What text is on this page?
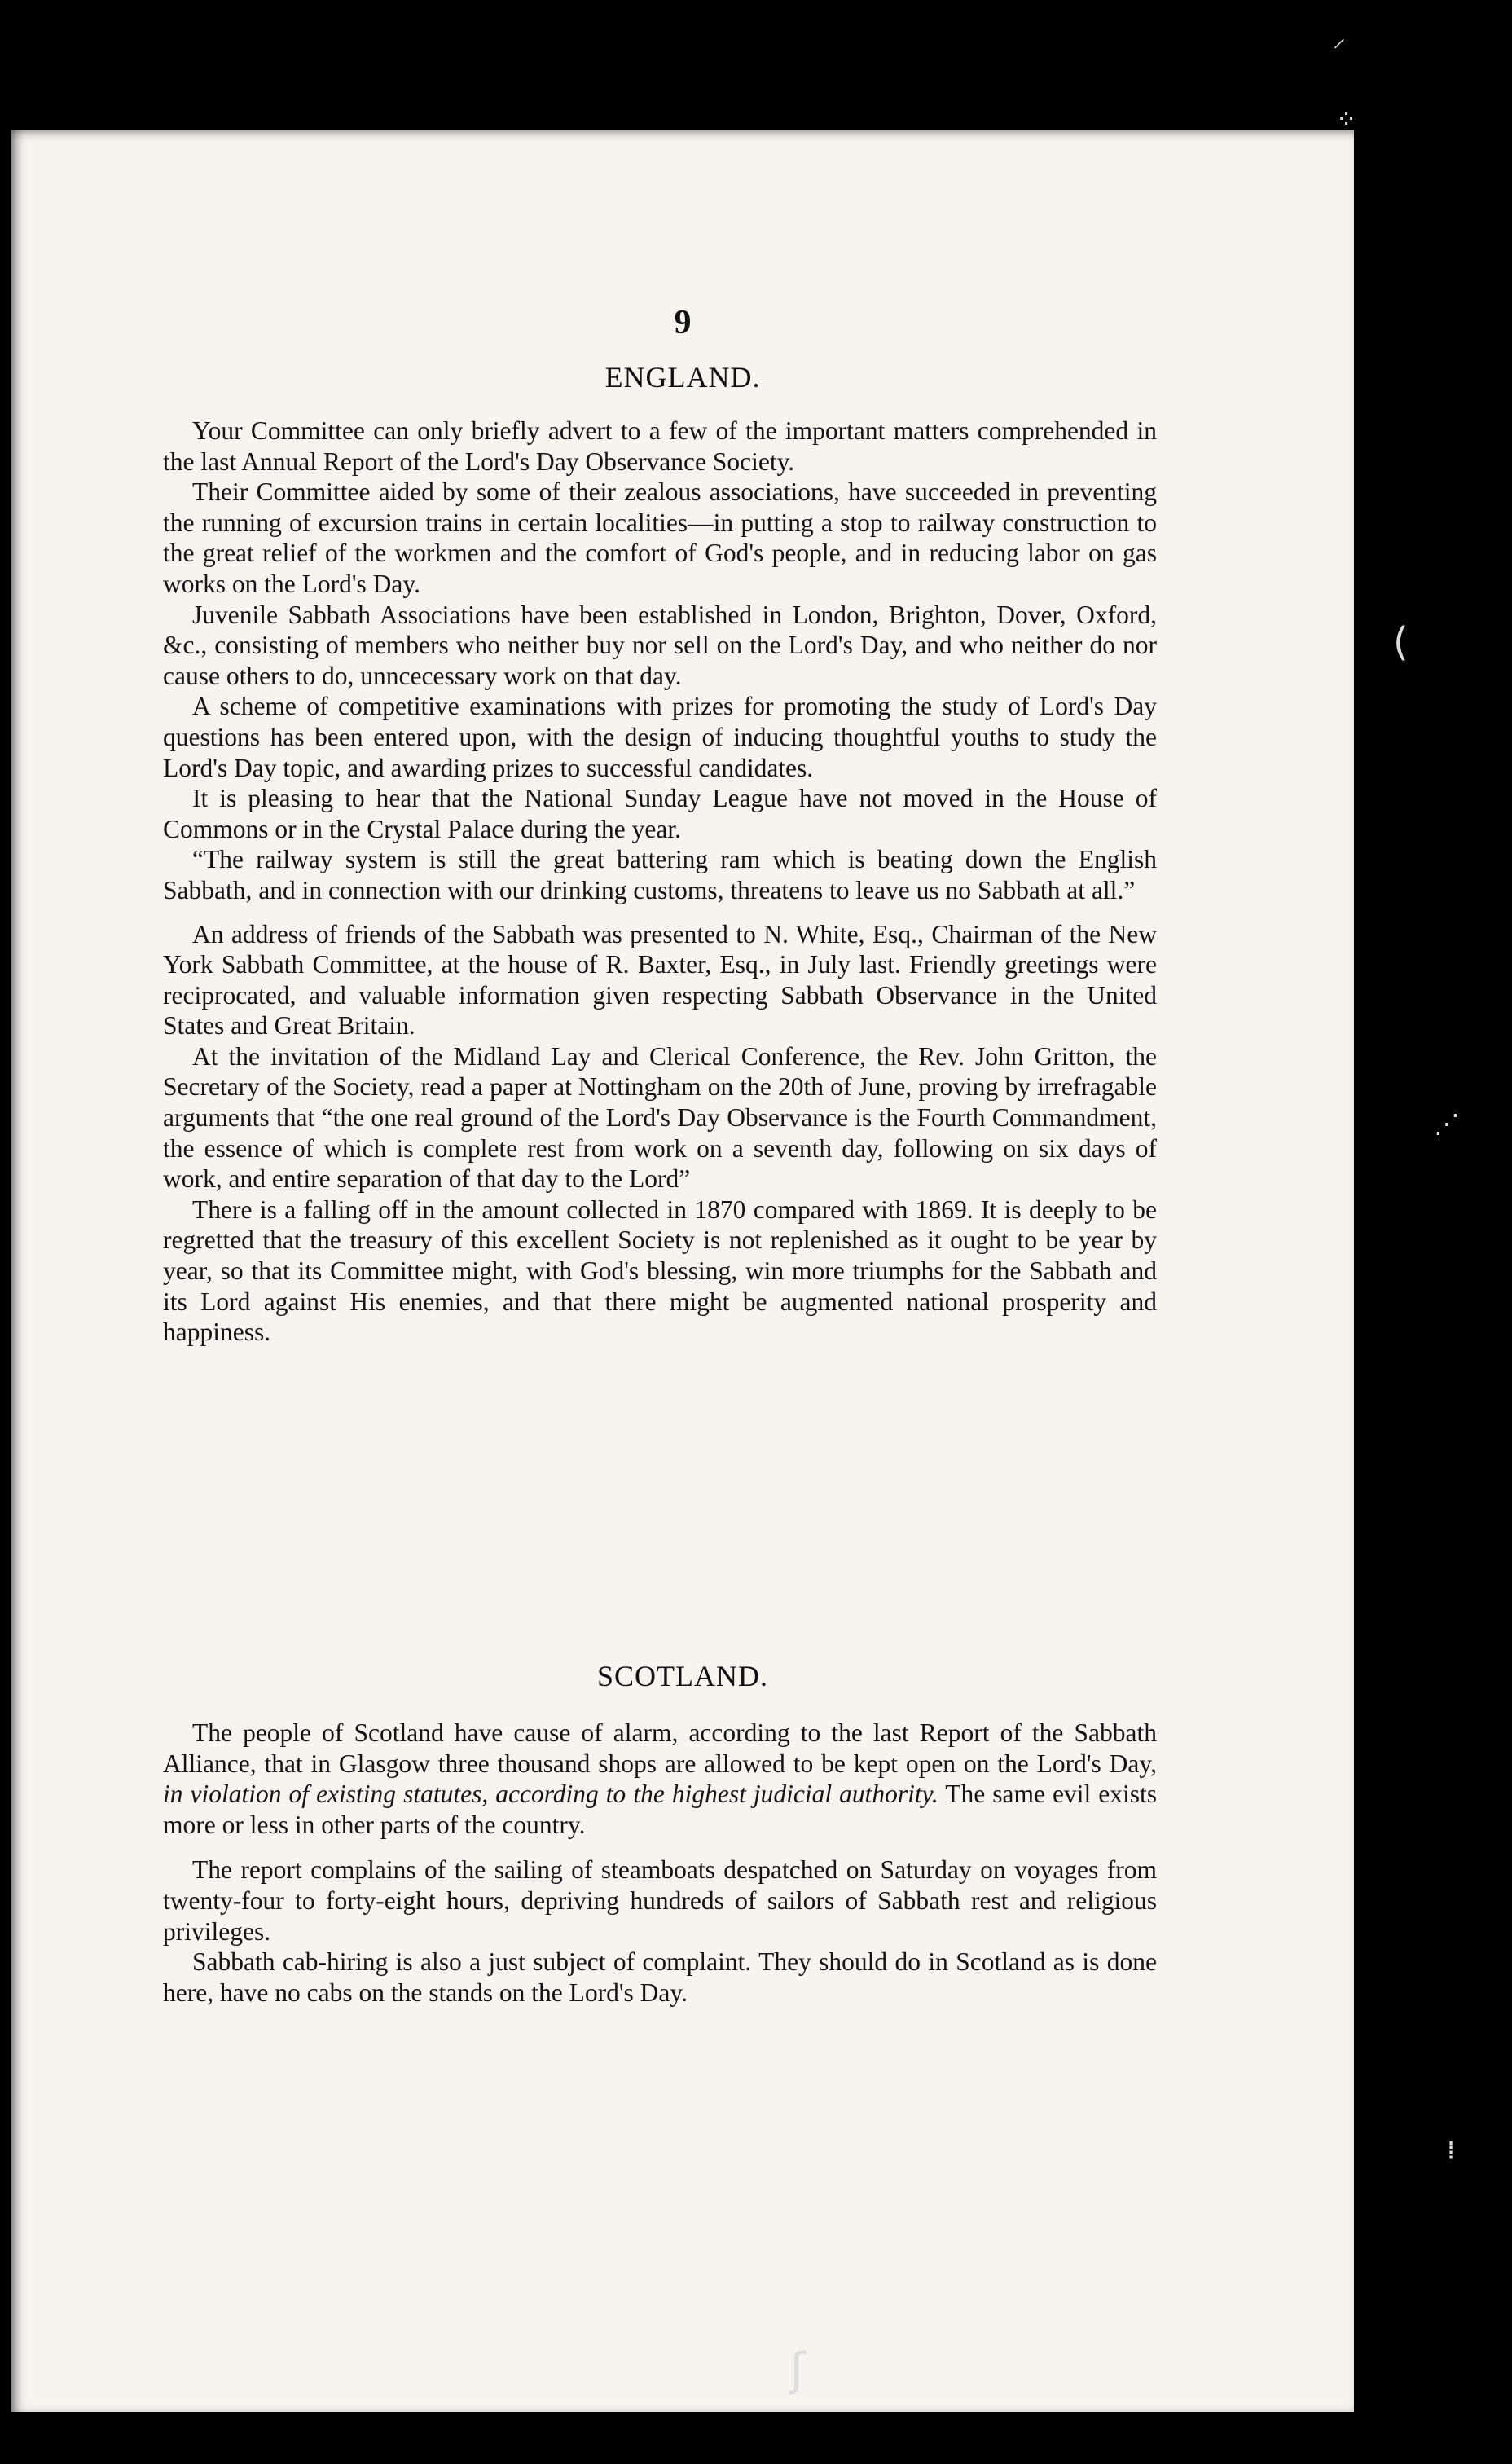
9
ENGLAND.

Your Committee can only briefly advert to a few of the important matters comprehended in the last Annual Report of the Lord's Day Observance Society.

Their Committee aided by some of their zealous associations, have succeeded in preventing the running of excursion trains in certain localities—in putting a stop to railway construction to the great relief of the workmen and the comfort of God's people, and in reducing labor on gas works on the Lord's Day.

Juvenile Sabbath Associations have been established in London, Brighton, Dover, Oxford, &c., consisting of members who neither buy nor sell on the Lord's Day, and who neither do nor cause others to do, unncecessary work on that day.

A scheme of competitive examinations with prizes for promoting the study of Lord's Day questions has been entered upon, with the design of inducing thoughtful youths to study the Lord's Day topic, and awarding prizes to successful candidates.

It is pleasing to hear that the National Sunday League have not moved in the House of Commons or in the Crystal Palace during the year.

“The railway system is still the great battering ram which is beating down the English Sabbath, and in connection with our drinking customs, threatens to leave us no Sabbath at all.”

An address of friends of the Sabbath was presented to N. White, Esq., Chairman of the New York Sabbath Committee, at the house of R. Baxter, Esq., in July last. Friendly greetings were reciprocated, and valuable information given respecting Sabbath Observance in the United States and Great Britain.

At the invitation of the Midland Lay and Clerical Conference, the Rev. John Gritton, the Secretary of the Society, read a paper at Nottingham on the 20th of June, proving by irrefragable arguments that “the one real ground of the Lord's Day Observance is the Fourth Commandment, the essence of which is complete rest from work on a seventh day, following on six days of work, and entire separation of that day to the Lord”

There is a falling off in the amount collected in 1870 compared with 1869. It is deeply to be regretted that the treasury of this excellent Society is not replenished as it ought to be year by year, so that its Committee might, with God's blessing, win more triumphs for the Sabbath and its Lord against His enemies, and that there might be augmented national prosperity and happiness.

SCOTLAND.

The people of Scotland have cause of alarm, according to the last Report of the Sabbath Alliance, that in Glasgow three thousand shops are allowed to be kept open on the Lord's Day, in violation of existing statutes, according to the highest judicial authority. The same evil exists more or less in other parts of the country.

The report complains of the sailing of steamboats despatched on Saturday on voyages from twenty-four to forty-eight hours, depriving hundreds of sailors of Sabbath rest and religious privileges.

Sabbath cab-hiring is also a just subject of complaint. They should do in Scotland as is done here, have no cabs on the stands on the Lord's Day.

⸝
⁘
(
⋰
⁞
ʃ
